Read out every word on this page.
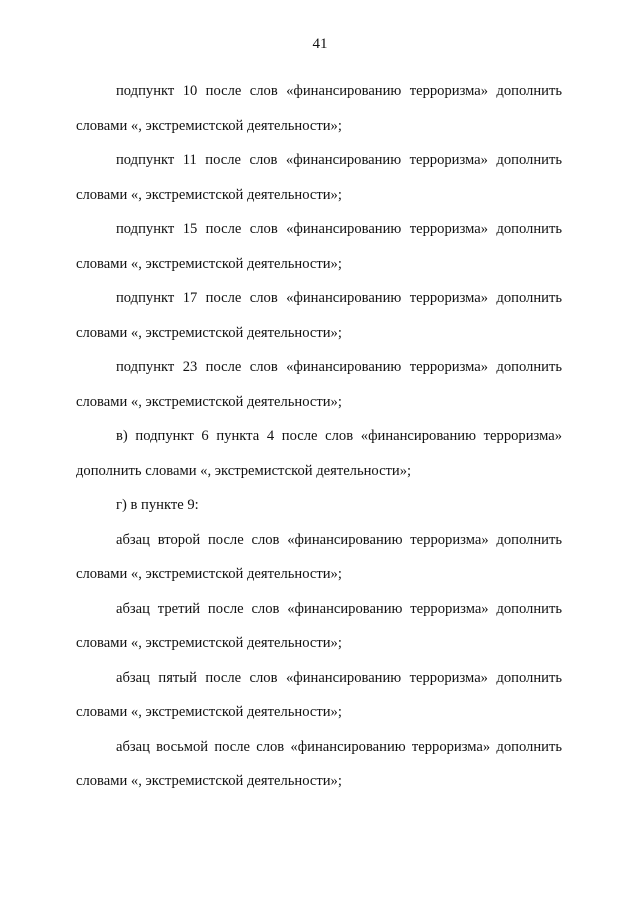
41

подпункт 10 после слов «финансированию терроризма» дополнить
словами «, экстремистской деятельности»;

подпункт 11 после слов «финансированию терроризма» дополнить
словами «, экстремистской деятельности»;

подпункт 15 после слов «финансированию терроризма» дополнить
словами «, экстремистской деятельности»;

подпункт 17 после слов «финансированию терроризма» дополнить
словами «, экстремистской деятельности»;

подпункт 23 после слов «финансированию терроризма» дополнить
словами «, экстремистской деятельности»;

в) подпункт 6 пункта 4 после слов «финансированию терроризма»
дополнить словами «, экстремистской деятельности»;

г) в пункте 9:

абзац второй после слов «финансированию терроризма» дополнить
словами «, экстремистской деятельности»;

абзац третий после слов «финансированию терроризма» дополнить
словами «, экстремистской деятельности»;

абзац пятый после слов «финансированию терроризма» дополнить
словами «, экстремистской деятельности»;

абзац восьмой после слов «финансированию терроризма» дополнить
словами «, экстремистской деятельности»;
